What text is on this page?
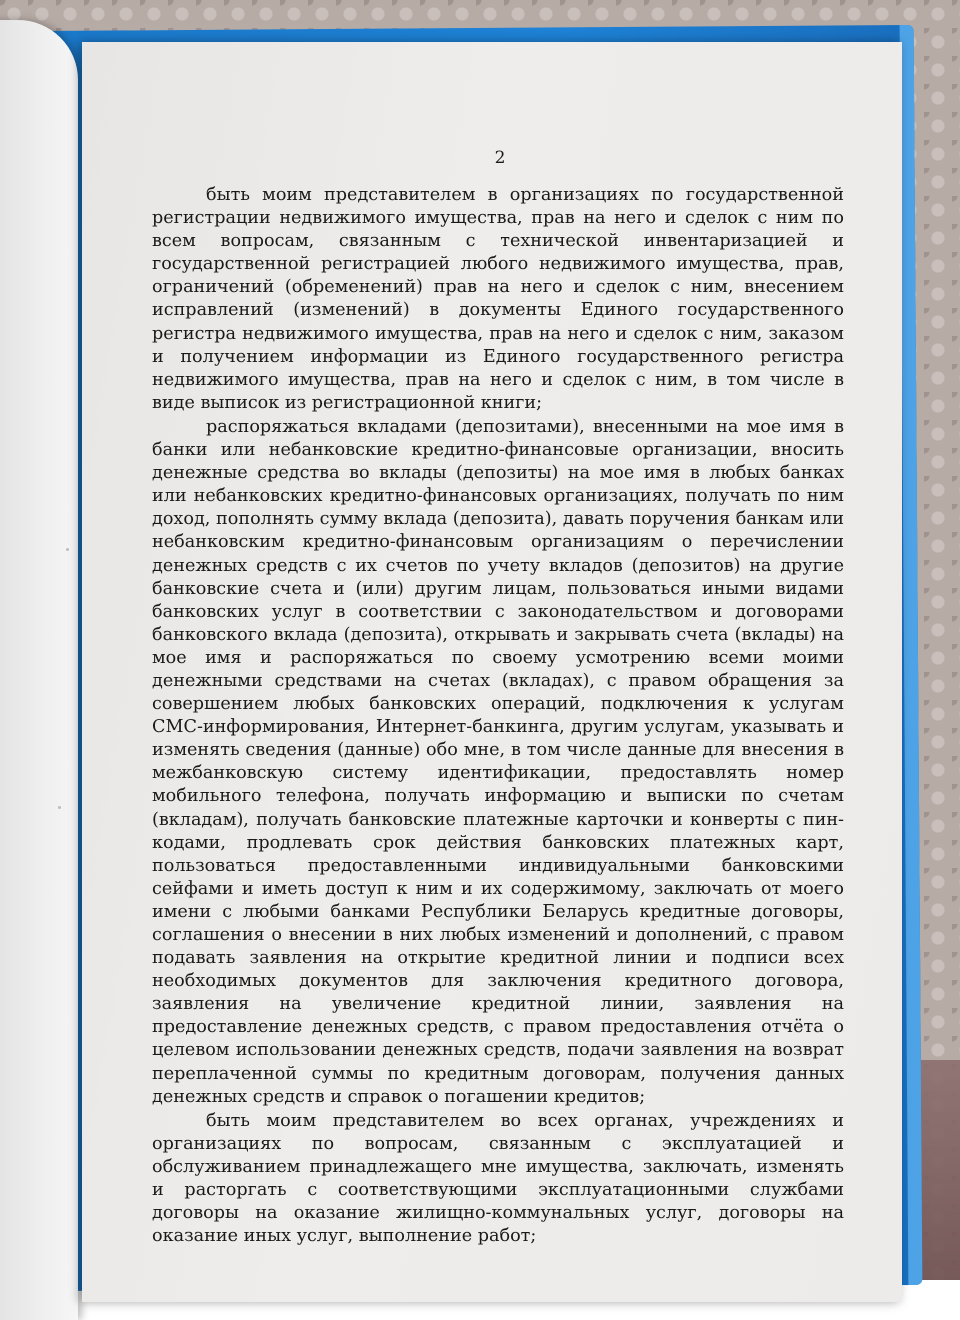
2

быть моим представителем в организациях по государственной регистрации недвижимого имущества, прав на него и сделок с ним по всем вопросам, связанным с технической инвентаризацией и государственной регистрацией любого недвижимого имущества, прав, ограничений (обременений) прав на него и сделок с ним, внесением исправлений (изменений) в документы Единого государственного регистра недвижимого имущества, прав на него и сделок с ним, заказом и получением информации из Единого государственного регистра недвижимого имущества, прав на него и сделок с ним, в том числе в виде выписок из регистрационной книги;

распоряжаться вкладами (депозитами), внесенными на мое имя в банки или небанковские кредитно-финансовые организации, вносить денежные средства во вклады (депозиты) на мое имя в любых банках или небанковских кредитно-финансовых организациях, получать по ним доход, пополнять сумму вклада (депозита), давать поручения банкам или небанковским кредитно-финансовым организациям о перечислении денежных средств с их счетов по учету вкладов (депозитов) на другие банковские счета и (или) другим лицам, пользоваться иными видами банковских услуг в соответствии с законодательством и договорами банковского вклада (депозита), открывать и закрывать счета (вклады) на мое имя и распоряжаться по своему усмотрению всеми моими денежными средствами на счетах (вкладах), с правом обращения за совершением любых банковских операций, подключения к услугам СМС-информирования, Интернет-банкинга, другим услугам, указывать и изменять сведения (данные) обо мне, в том числе данные для внесения в межбанковскую систему идентификации, предоставлять номер мобильного телефона, получать информацию и выписки по счетам (вкладам), получать банковские платежные карточки и конверты с пин-кодами, продлевать срок действия банковских платежных карт, пользоваться предоставленными индивидуальными банковскими сейфами и иметь доступ к ним и их содержимому, заключать от моего имени с любыми банками Республики Беларусь кредитные договоры, соглашения о внесении в них любых изменений и дополнений, с правом подавать заявления на открытие кредитной линии и подписи всех необходимых документов для заключения кредитного договора, заявления на увеличение кредитной линии, заявления на предоставление денежных средств, с правом предоставления отчёта о целевом использовании денежных средств, подачи заявления на возврат переплаченной суммы по кредитным договорам, получения данных денежных средств и справок о погашении кредитов;

быть моим представителем во всех органах, учреждениях и организациях по вопросам, связанным с эксплуатацией и обслуживанием принадлежащего мне имущества, заключать, изменять и расторгать с соответствующими эксплуатационными службами договоры на оказание жилищно-коммунальных услуг, договоры на оказание иных услуг, выполнение работ;
